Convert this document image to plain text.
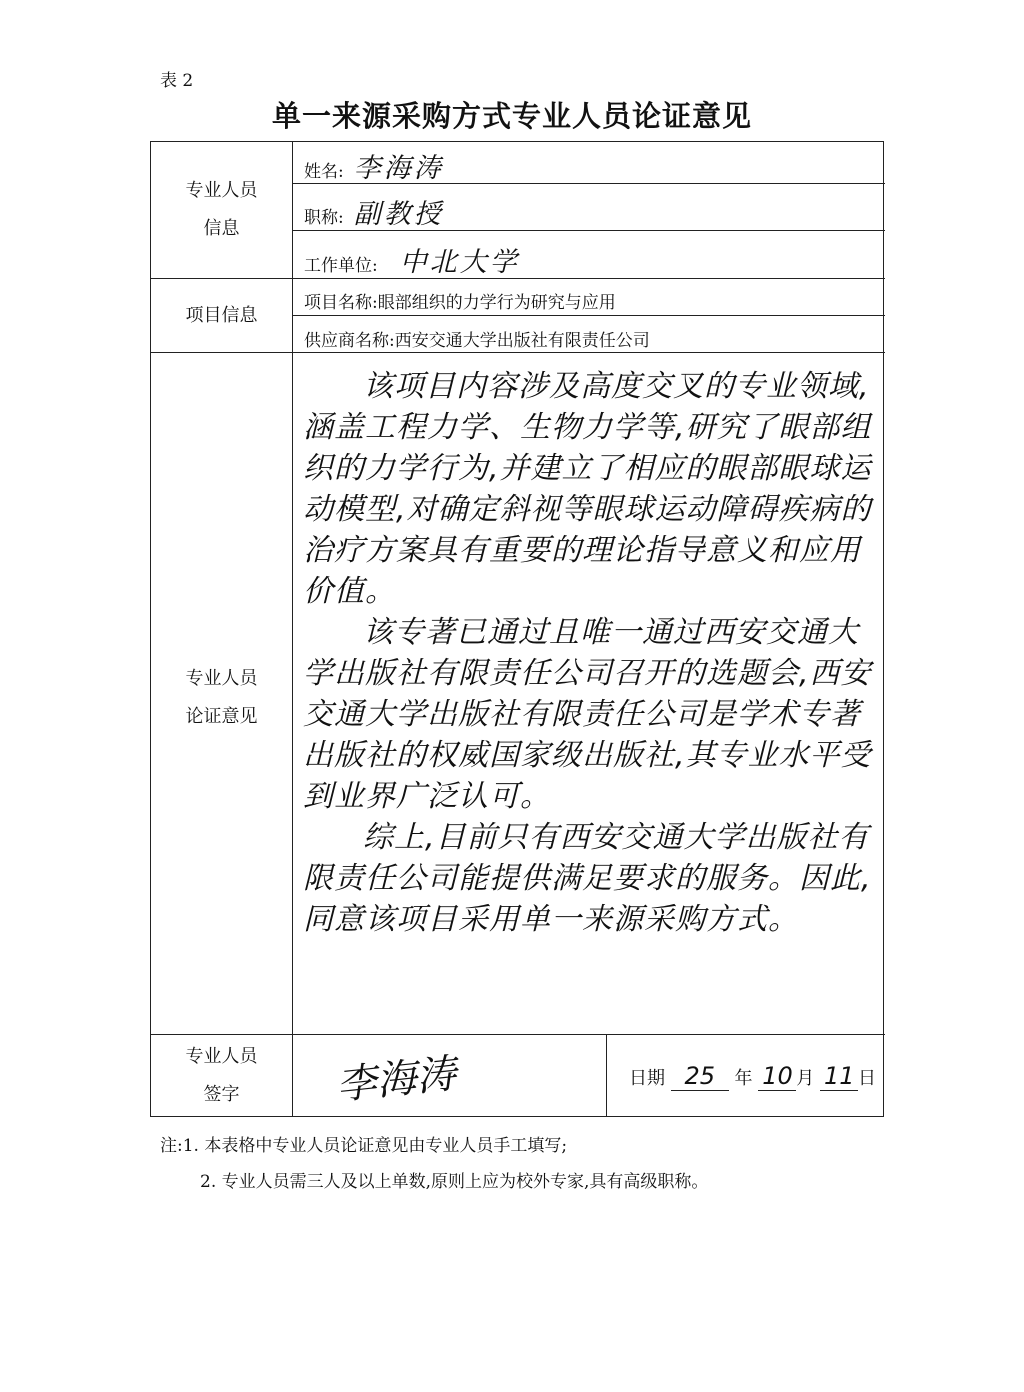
表 2
单一来源采购方式专业人员论证意见
专业人员
信息
姓名: 李海涛
职称: 副教授
工作单位: 中北大学
项目信息
项目名称:眼部组织的力学行为研究与应用
供应商名称:西安交通大学出版社有限责任公司
专业人员
论证意见

该项目内容涉及高度交叉的专业领域,涵盖工程力学、生物力学等,研究了眼部组织的力学行为,并建立了相应的眼部眼球运动模型,对确定斜视等眼球运动障碍疾病的治疗方案具有重要的理论指导意义和应用价值。

该专著已通过且唯一通过西安交通大学出版社有限责任公司召开的选题会,西安交通大学出版社有限责任公司是学术专著出版社的权威国家级出版社,其专业水平受到业界广泛认可。

综上,目前只有西安交通大学出版社有限责任公司能提供满足要求的服务。因此,同意该项目采用单一来源采购方式。

专业人员
签字	李海涛	日期 25 年 10 月 11 日
注:1. 本表格中专业人员论证意见由专业人员手工填写;
2. 专业人员需三人及以上单数,原则上应为校外专家,具有高级职称。
